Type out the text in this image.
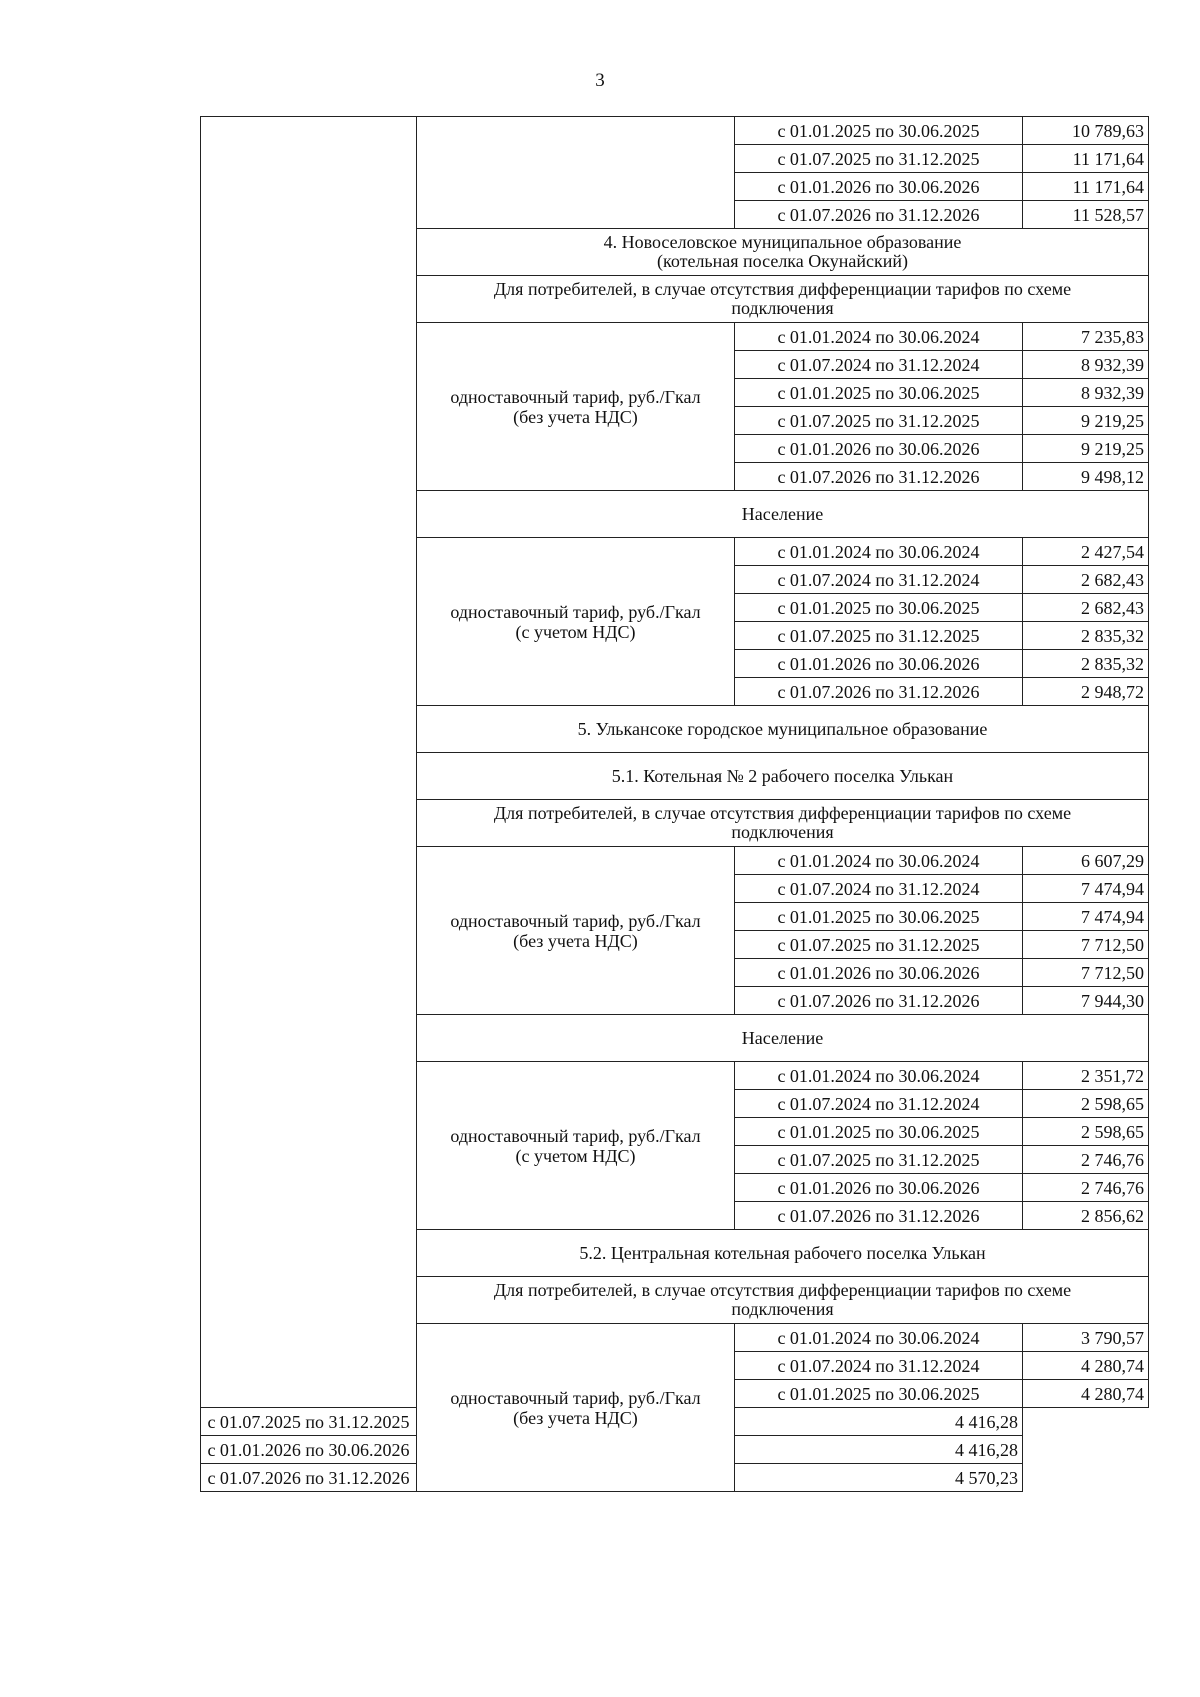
3
		с 01.01.2025 по 30.06.2025	10 789,63
		с 01.07.2025 по 31.12.2025	11 171,64
		с 01.01.2026 по 30.06.2026	11 171,64
		с 01.07.2026 по 31.12.2026	11 528,57

	4. Новоселовское муниципальное образование
(котельная поселка Окунайский)		

	Для потребителей, в случае отсутствия дифференциации тарифов по схеме
подключения		

	одноставочный тариф, руб./Гкал
(без учета НДС)	с 01.01.2024 по 30.06.2024	7 235,83
		с 01.07.2024 по 31.12.2024	8 932,39
		с 01.01.2025 по 30.06.2025	8 932,39
		с 01.07.2025 по 31.12.2025	9 219,25
		с 01.01.2026 по 30.06.2026	9 219,25
		с 01.07.2026 по 31.12.2026	9 498,12
	Население		

	одноставочный тариф, руб./Гкал
(с учетом НДС)	с 01.01.2024 по 30.06.2024	2 427,54
		с 01.07.2024 по 31.12.2024	2 682,43
		с 01.01.2025 по 30.06.2025	2 682,43
		с 01.07.2025 по 31.12.2025	2 835,32
		с 01.01.2026 по 30.06.2026	2 835,32
		с 01.07.2026 по 31.12.2026	2 948,72
	5. Улькансоке городское муниципальное образование		
	5.1. Котельная № 2 рабочего поселка Улькан		

	Для потребителей, в случае отсутствия дифференциации тарифов по схеме
подключения		

	одноставочный тариф, руб./Гкал
(без учета НДС)	с 01.01.2024 по 30.06.2024	6 607,29
		с 01.07.2024 по 31.12.2024	7 474,94
		с 01.01.2025 по 30.06.2025	7 474,94
		с 01.07.2025 по 31.12.2025	7 712,50
		с 01.01.2026 по 30.06.2026	7 712,50
		с 01.07.2026 по 31.12.2026	7 944,30
	Население		

	одноставочный тариф, руб./Гкал
(с учетом НДС)	с 01.01.2024 по 30.06.2024	2 351,72
		с 01.07.2024 по 31.12.2024	2 598,65
		с 01.01.2025 по 30.06.2025	2 598,65
		с 01.07.2025 по 31.12.2025	2 746,76
		с 01.01.2026 по 30.06.2026	2 746,76
		с 01.07.2026 по 31.12.2026	2 856,62
	5.2. Центральная котельная рабочего поселка Улькан		

	Для потребителей, в случае отсутствия дифференциации тарифов по схеме
подключения		

	одноставочный тариф, руб./Гкал
(без учета НДС)	с 01.01.2024 по 30.06.2024	3 790,57
		с 01.07.2024 по 31.12.2024	4 280,74
		с 01.01.2025 по 30.06.2025	4 280,74
с 01.07.2025 по 31.12.2025		4 416,28	
с 01.01.2026 по 30.06.2026		4 416,28	
с 01.07.2026 по 31.12.2026		4 570,23	
